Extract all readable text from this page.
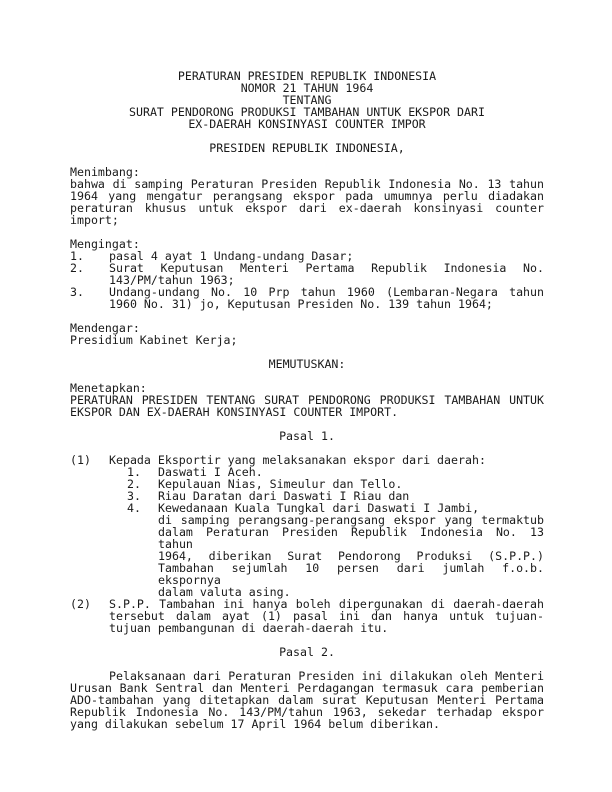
PERATURAN PRESIDEN REPUBLIK INDONESIA
NOMOR 21 TAHUN 1964
TENTANG
SURAT PENDORONG PRODUKSI TAMBAHAN UNTUK EKSPOR DARI
EX-DAERAH KONSINYASI COUNTER IMPOR
PRESIDEN REPUBLIK INDONESIA,
Menimbang:
bahwa di samping Peraturan Presiden Republik Indonesia No. 13 tahun
1964 yang mengatur perangsang ekspor pada umumnya perlu diadakan
peraturan khusus untuk ekspor dari ex-daerah konsinyasi counter
import;
Mengingat:
1. pasal 4 ayat 1 Undang-undang Dasar;
2. Surat Keputusan Menteri Pertama Republik Indonesia No.
143/PM/tahun 1963;
3. Undang-undang No. 10 Prp tahun 1960 (Lembaran-Negara tahun
1960 No. 31) jo, Keputusan Presiden No. 139 tahun 1964;
Mendengar:
Presidium Kabinet Kerja;
MEMUTUSKAN:
Menetapkan:
PERATURAN PRESIDEN TENTANG SURAT PENDORONG PRODUKSI TAMBAHAN UNTUK
EKSPOR DAN EX-DAERAH KONSINYASI COUNTER IMPORT.
Pasal 1.
(1) Kepada Eksportir yang melaksanakan ekspor dari daerah:
1. Daswati I Aceh.
2. Kepulauan Nias, Simeulur dan Tello.
3. Riau Daratan dari Daswati I Riau dan
4. Kewedanaan Kuala Tungkal dari Daswati I Jambi,
di samping perangsang-perangsang ekspor yang termaktub
dalam Peraturan Presiden Republik Indonesia No. 13 tahun
1964, diberikan Surat Pendorong Produksi (S.P.P.)
Tambahan sejumlah 10 persen dari jumlah f.o.b. ekspornya
dalam valuta asing.
(2) S.P.P. Tambahan ini hanya boleh dipergunakan di daerah-daerah
tersebut dalam ayat (1) pasal ini dan hanya untuk tujuan-
tujuan pembangunan di daerah-daerah itu.
Pasal 2.
Pelaksanaan dari Peraturan Presiden ini dilakukan oleh Menteri
Urusan Bank Sentral dan Menteri Perdagangan termasuk cara pemberian
ADO-tambahan yang ditetapkan dalam surat Keputusan Menteri Pertama
Republik Indonesia No. 143/PM/tahun 1963, sekedar terhadap ekspor
yang dilakukan sebelum 17 April 1964 belum diberikan.
